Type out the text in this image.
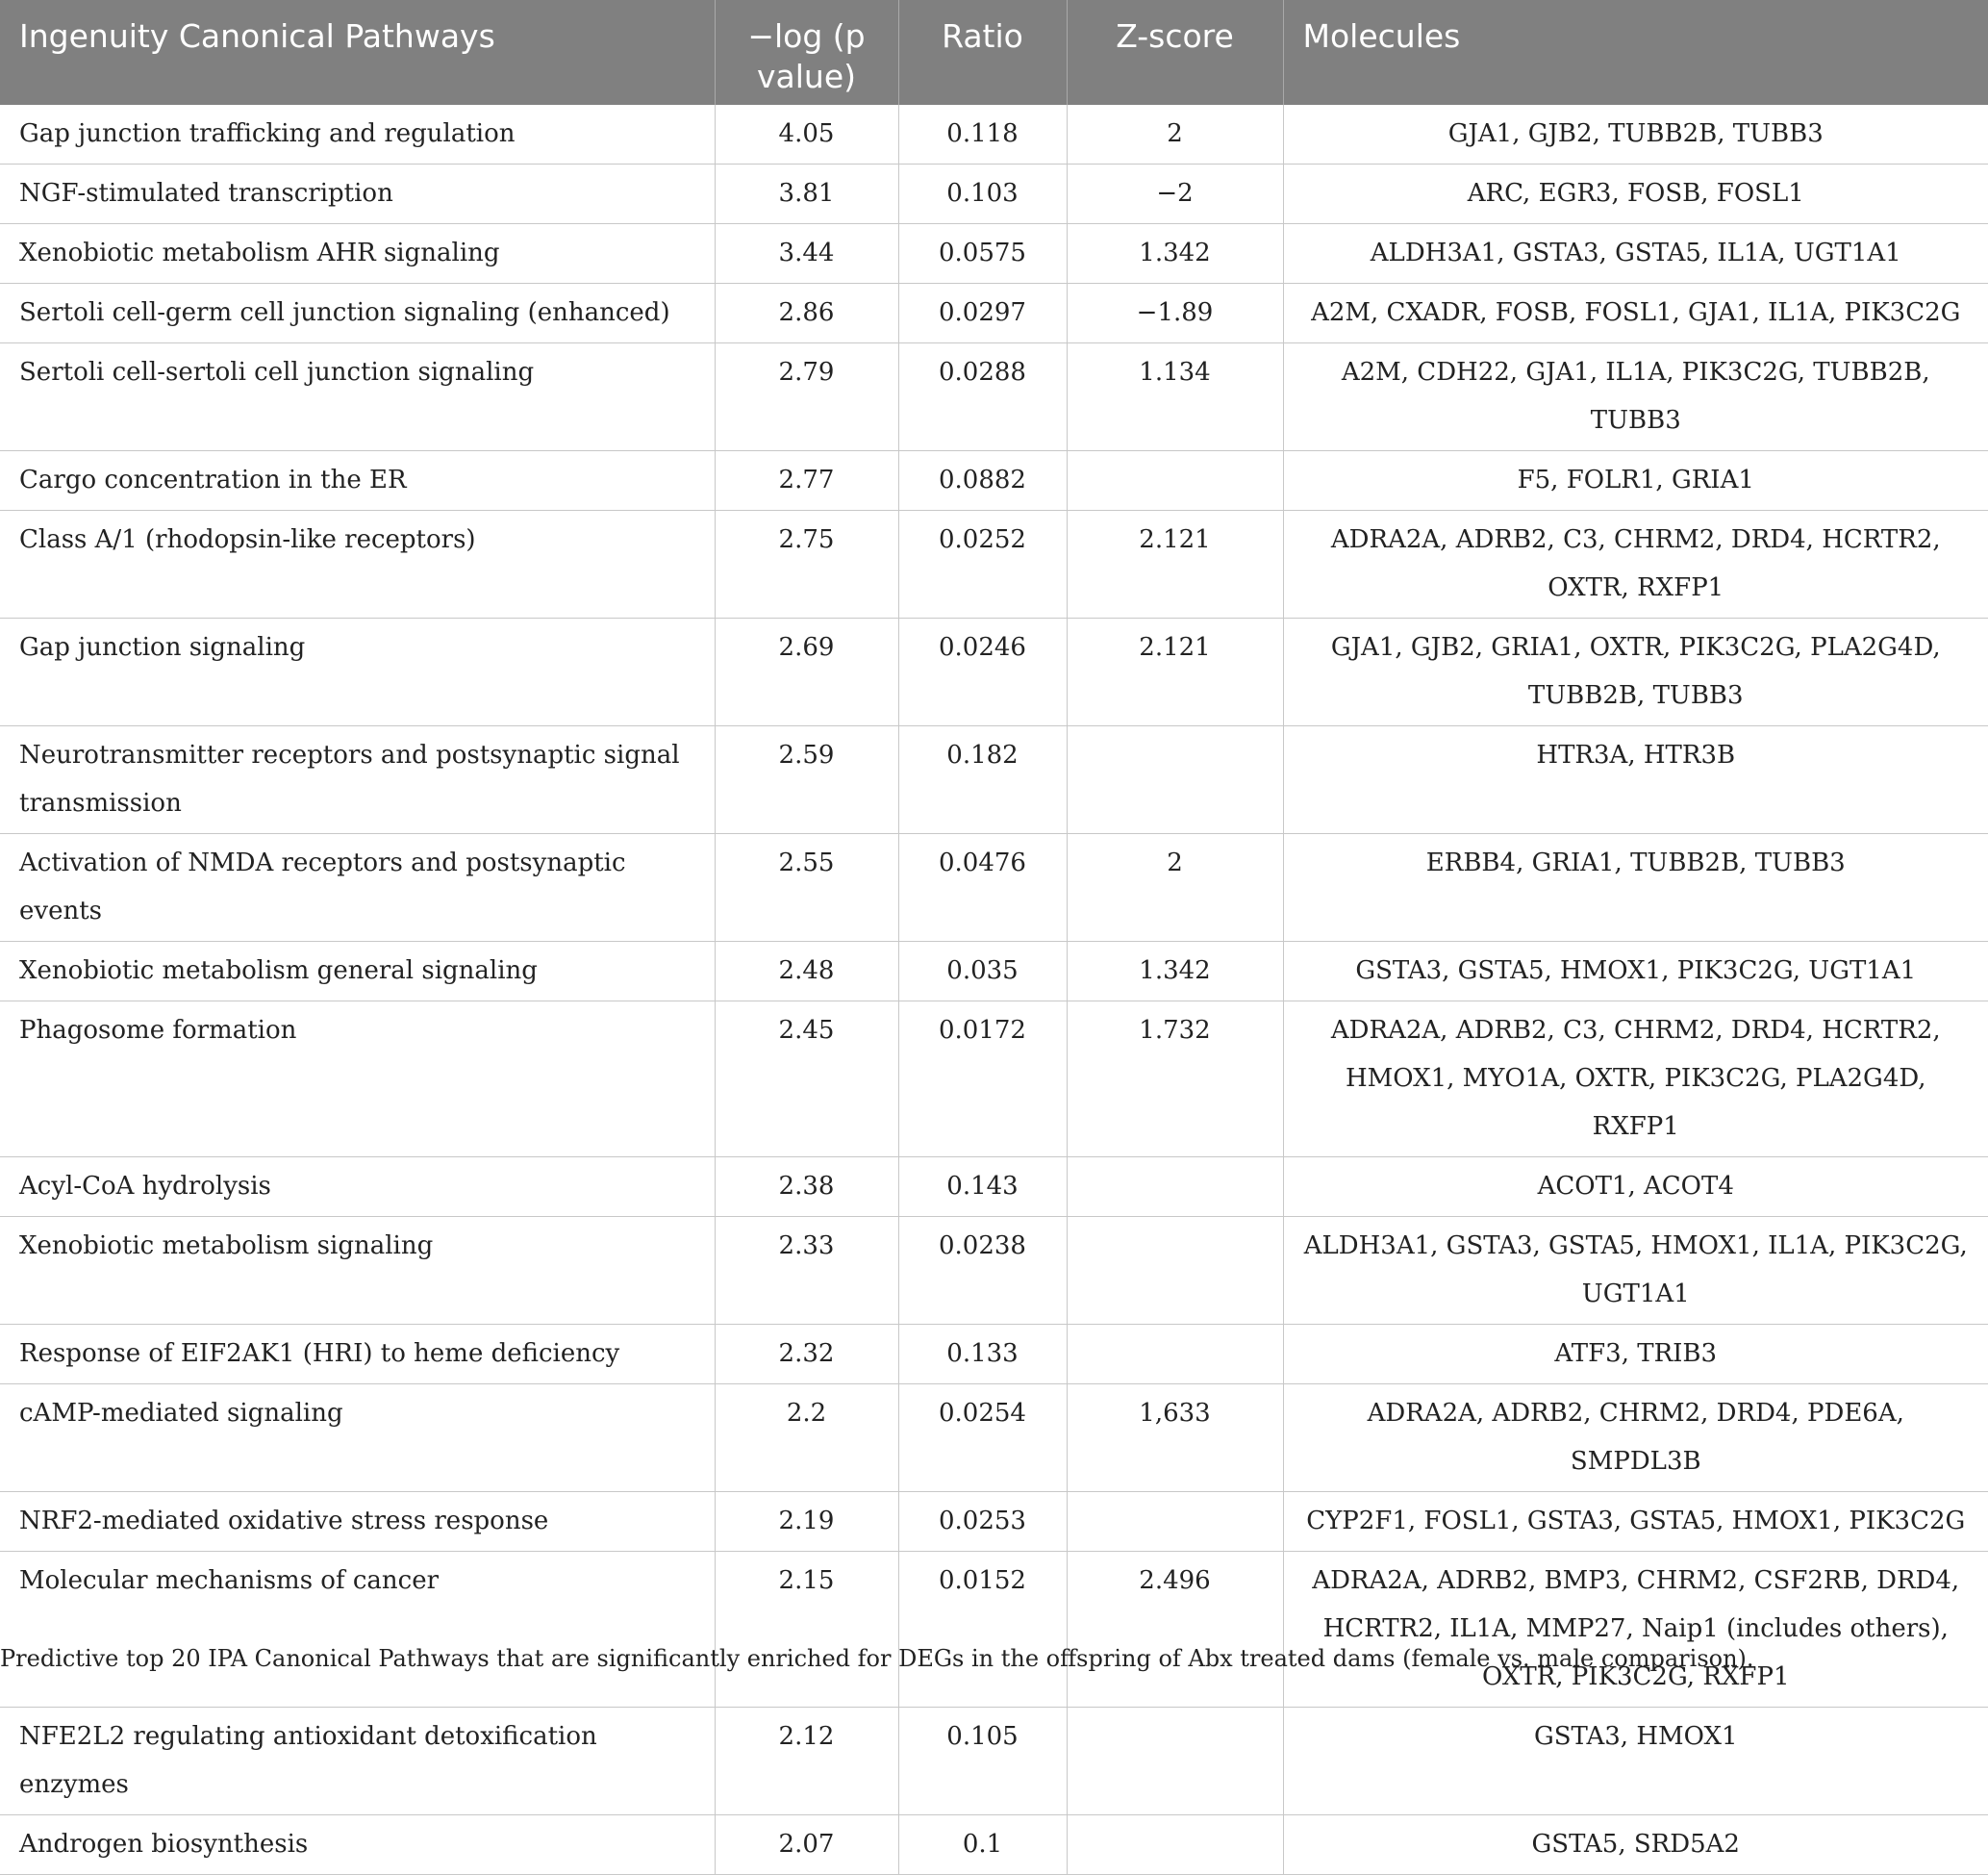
Ingenuity Canonical Pathways	−log (p value)	Ratio	Z-score	Molecules
Gap junction trafficking and regulation	4.05	0.118	2	GJA1, GJB2, TUBB2B, TUBB3
NGF-stimulated transcription	3.81	0.103	−2	ARC, EGR3, FOSB, FOSL1
Xenobiotic metabolism AHR signaling	3.44	0.0575	1.342	ALDH3A1, GSTA3, GSTA5, IL1A, UGT1A1
Sertoli cell-germ cell junction signaling (enhanced)	2.86	0.0297	−1.89	A2M, CXADR, FOSB, FOSL1, GJA1, IL1A, PIK3C2G
Sertoli cell-sertoli cell junction signaling	2.79	0.0288	1.134	A2M, CDH22, GJA1, IL1A, PIK3C2G, TUBB2B, TUBB3
Cargo concentration in the ER	2.77	0.0882		F5, FOLR1, GRIA1
Class A/1 (rhodopsin-like receptors)	2.75	0.0252	2.121	ADRA2A, ADRB2, C3, CHRM2, DRD4, HCRTR2, OXTR, RXFP1
Gap junction signaling	2.69	0.0246	2.121	GJA1, GJB2, GRIA1, OXTR, PIK3C2G, PLA2G4D, TUBB2B, TUBB3
Neurotransmitter receptors and postsynaptic signal transmission	2.59	0.182		HTR3A, HTR3B
Activation of NMDA receptors and postsynaptic events	2.55	0.0476	2	ERBB4, GRIA1, TUBB2B, TUBB3
Xenobiotic metabolism general signaling	2.48	0.035	1.342	GSTA3, GSTA5, HMOX1, PIK3C2G, UGT1A1
Phagosome formation	2.45	0.0172	1.732	ADRA2A, ADRB2, C3, CHRM2, DRD4, HCRTR2, HMOX1, MYO1A, OXTR, PIK3C2G, PLA2G4D, RXFP1
Acyl-CoA hydrolysis	2.38	0.143		ACOT1, ACOT4
Xenobiotic metabolism signaling	2.33	0.0238		ALDH3A1, GSTA3, GSTA5, HMOX1, IL1A, PIK3C2G, UGT1A1
Response of EIF2AK1 (HRI) to heme deficiency	2.32	0.133		ATF3, TRIB3
cAMP-mediated signaling	2.2	0.0254	1,633	ADRA2A, ADRB2, CHRM2, DRD4, PDE6A, SMPDL3B
NRF2-mediated oxidative stress response	2.19	0.0253		CYP2F1, FOSL1, GSTA3, GSTA5, HMOX1, PIK3C2G
Molecular mechanisms of cancer	2.15	0.0152	2.496	ADRA2A, ADRB2, BMP3, CHRM2, CSF2RB, DRD4, HCRTR2, IL1A, MMP27, Naip1 (includes others), OXTR, PIK3C2G, RXFP1
NFE2L2 regulating antioxidant detoxification enzymes	2.12	0.105		GSTA3, HMOX1
Androgen biosynthesis	2.07	0.1		GSTA5, SRD5A2
Predictive top 20 IPA Canonical Pathways that are significantly enriched for DEGs in the offspring of Abx treated dams (female vs. male comparison).
